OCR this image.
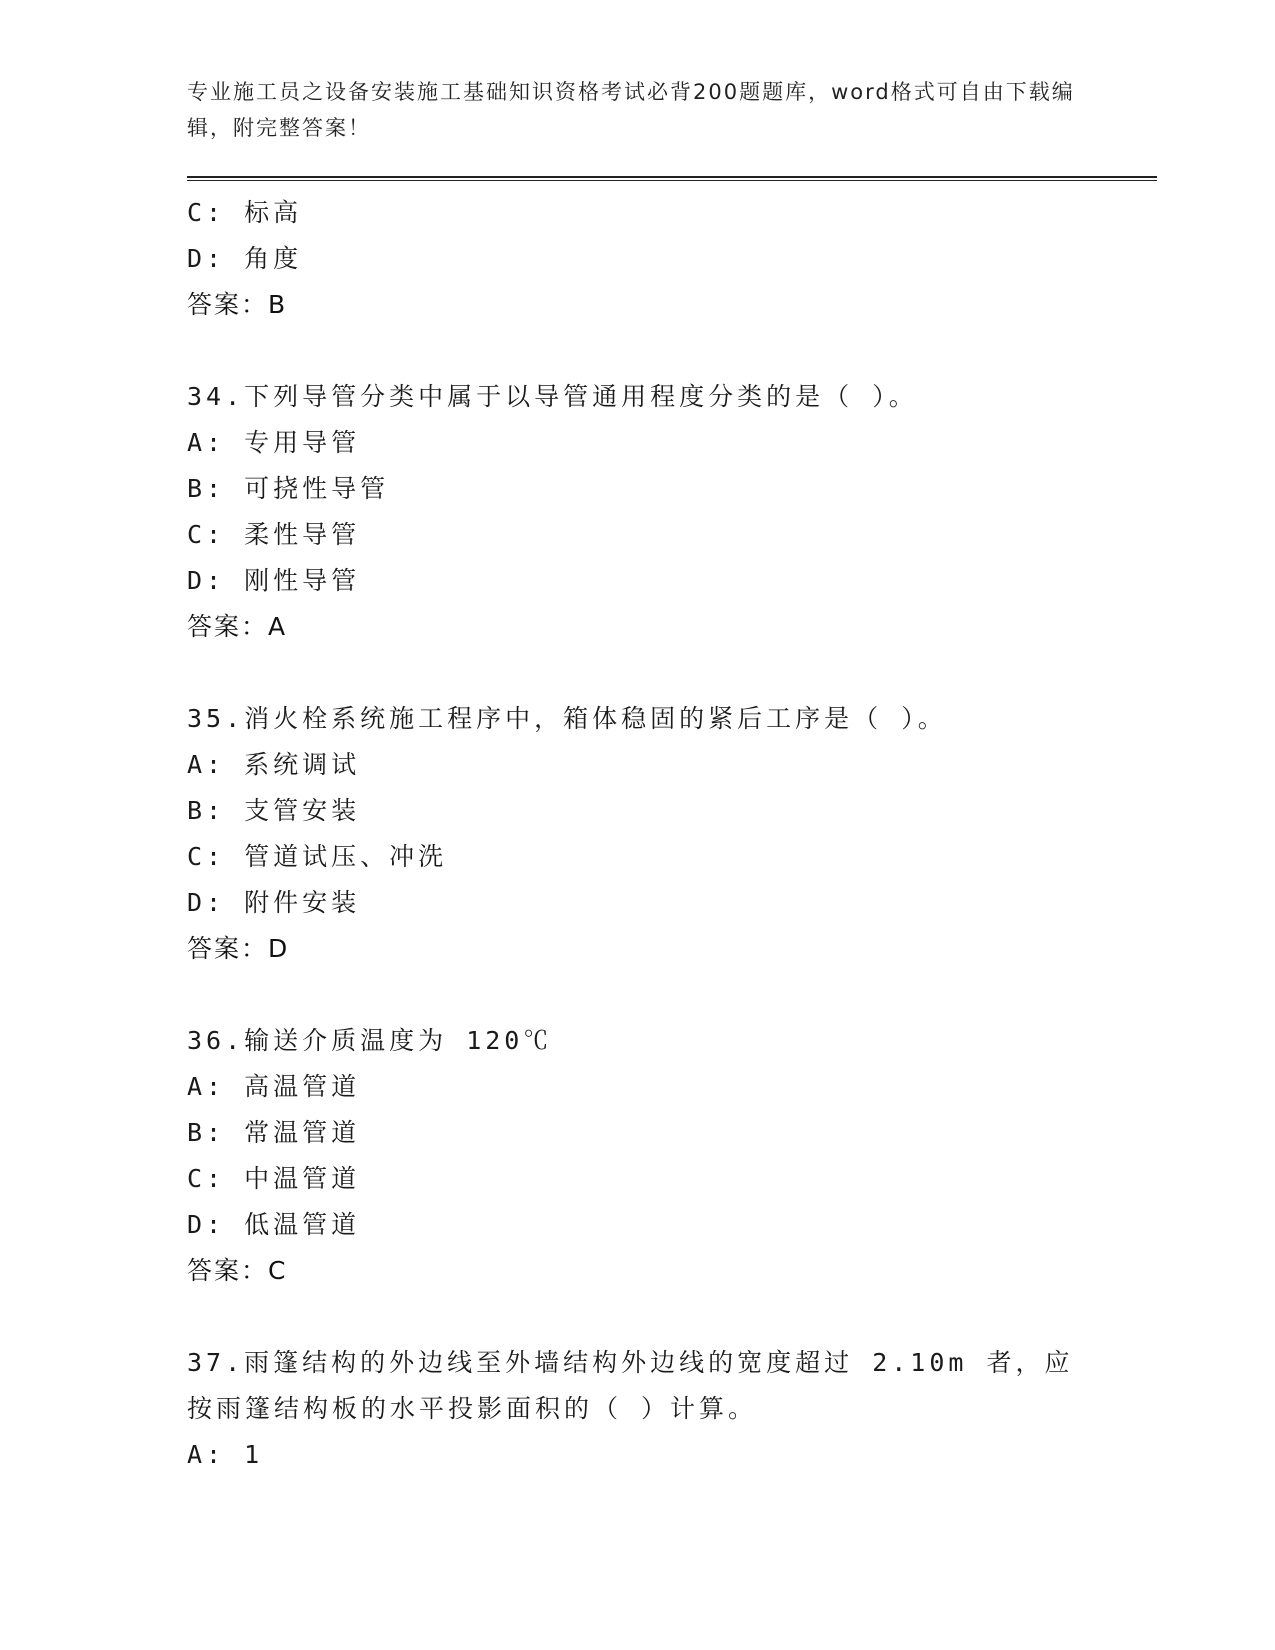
专业施工员之设备安装施工基础知识资格考试必背200题题库，word格式可自由下载编辑，附完整答案！
C: 标高
D: 角度
答案：B
34.下列导管分类中属于以导管通用程度分类的是（ ）。
A: 专用导管
B: 可挠性导管
C: 柔性导管
D: 刚性导管
答案：A
35.消火栓系统施工程序中，箱体稳固的紧后工序是（ ）。
A: 系统调试
B: 支管安装
C: 管道试压、冲洗
D: 附件安装
答案：D
36.输送介质温度为 120℃
A: 高温管道
B: 常温管道
C: 中温管道
D: 低温管道
答案：C
37.雨篷结构的外边线至外墙结构外边线的宽度超过 2.10m 者，应按雨篷结构板的水平投影面积的（ ）计算。
A: 1
